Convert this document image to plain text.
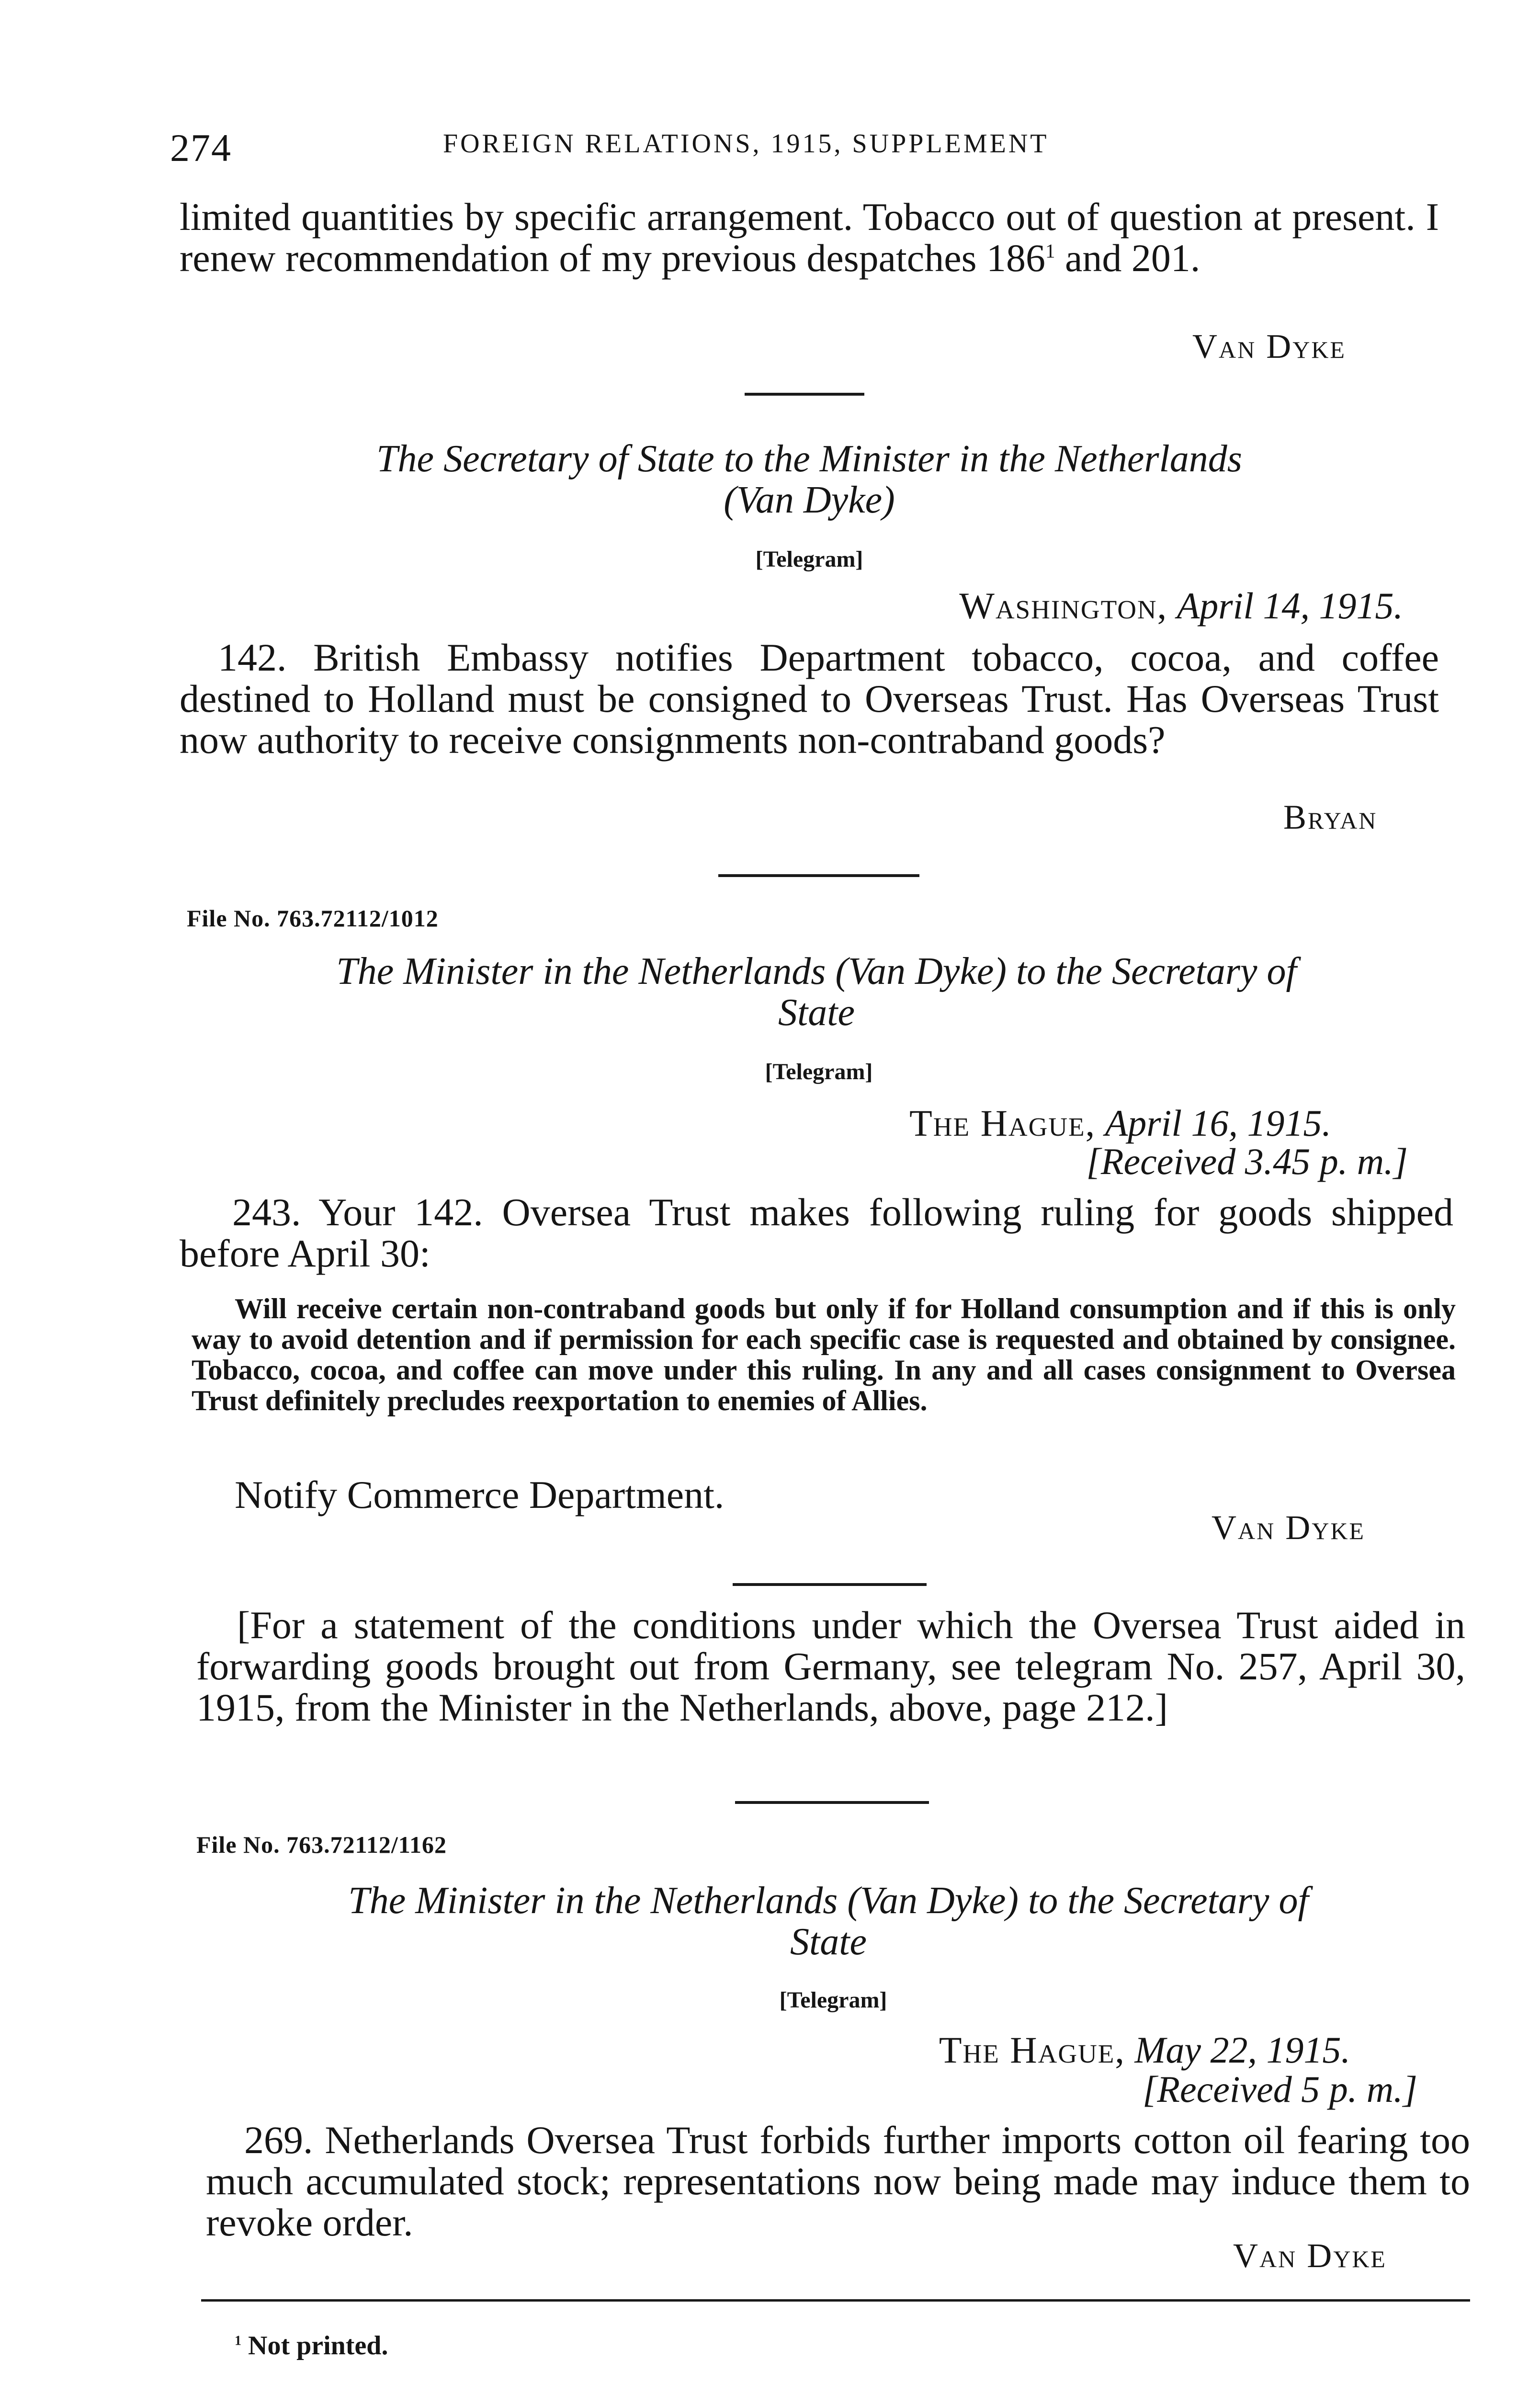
274	FOREIGN RELATIONS, 1915, SUPPLEMENT
limited quantities by specific arrangement. Tobacco out of question at present. I renew recommendation of my previous despatches $186^1$ and 201.
Van Dyke
The Secretary of State to the Minister in the Netherlands
(Van Dyke)
[Telegram]
Washington, April 14, 1915.
142. British Embassy notifies Department tobacco, cocoa, and coffee destined to Holland must be consigned to Overseas Trust. Has Overseas Trust now authority to receive consignments non-contraband goods?
Bryan
File No. 763.72112/1012
The Minister in the Netherlands (Van Dyke) to the Secretary of
State
[Telegram]
The Hague, April 16, 1915.
[Received 3.45 p. m.]
243. Your 142. Oversea Trust makes following ruling for goods shipped before April 30:
Will receive certain non-contraband goods but only if for Holland consumption and if this is only way to avoid detention and if permission for each specific case is requested and obtained by consignee. Tobacco, cocoa, and coffee can move under this ruling. In any and all cases consignment to Oversea Trust definitely precludes reexportation to enemies of Allies.
Notify Commerce Department.
Van Dyke
[For a statement of the conditions under which the Oversea Trust aided in forwarding goods brought out from Germany, see telegram No. 257, April 30, 1915, from the Minister in the Netherlands, above, page 212.]
File No. 763.72112/1162
The Minister in the Netherlands (Van Dyke) to the Secretary of
State
[Telegram]
The Hague, May 22, 1915.
[Received 5 p. m.]
269. Netherlands Oversea Trust forbids further imports cotton oil fearing too much accumulated stock; representations now being made may induce them to revoke order.
Van Dyke
$^1$ Not printed.
